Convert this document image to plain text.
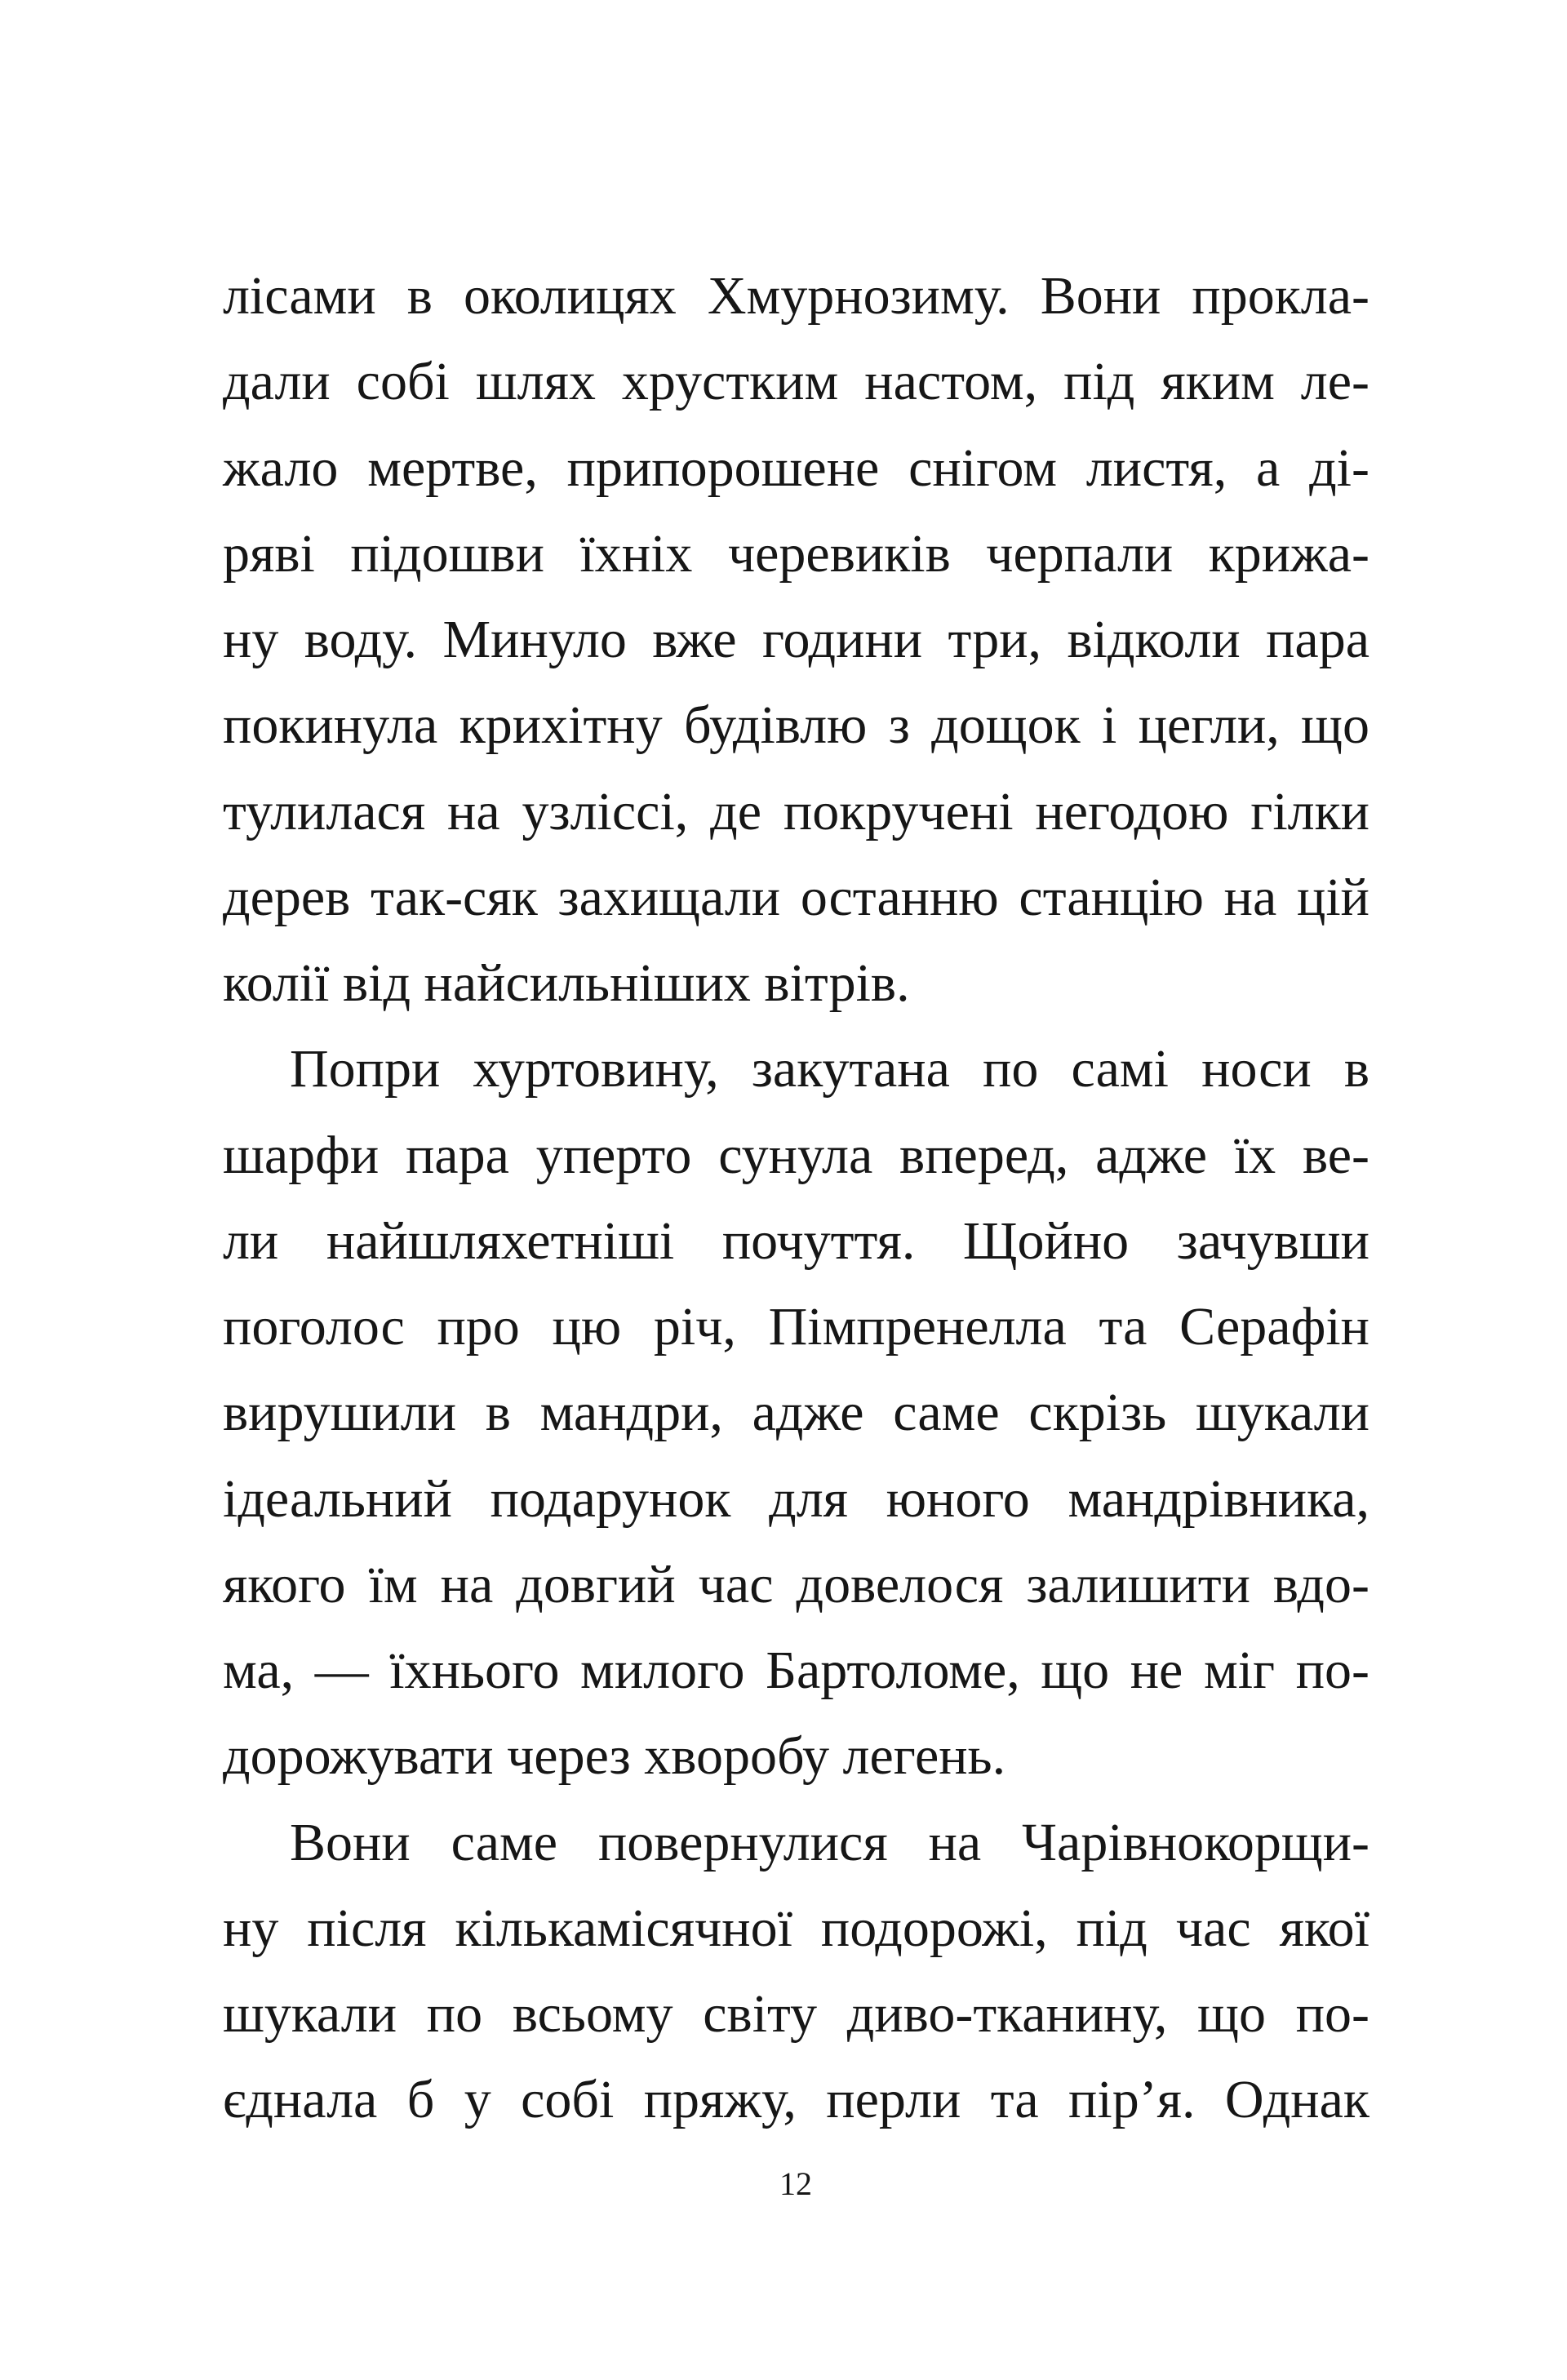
лісами в околицях Хмурнозиму. Вони прокла-
дали собі шлях хрустким настом, під яким ле-
жало мертве, припорошене снігом листя, а ді-
ряві підошви їхніх черевиків черпали крижа-
ну воду. Минуло вже години три, відколи пара
покинула крихітну будівлю з дощок і цегли, що
тулилася на узліссі, де покручені негодою гілки
дерев так-сяк захищали останню станцію на цій
колії від найсильніших вітрів.
Попри хуртовину, закутана по самі носи в
шарфи пара уперто сунула вперед, адже їх ве-
ли найшляхетніші почуття. Щойно зачувши
поголос про цю річ, Пімпренелла та Серафін
вирушили в мандри, адже саме скрізь шукали
ідеальний подарунок для юного мандрівника,
якого їм на довгий час довелося залишити вдо-
ма, — їхнього милого Бартоломе, що не міг по-
дорожувати через хворобу легень.
Вони саме повернулися на Чарівнокорщи-
ну після кількамісячної подорожі, під час якої
шукали по всьому світу диво-тканину, що по-
єднала б у собі пряжу, перли та пір’я. Однак
12
